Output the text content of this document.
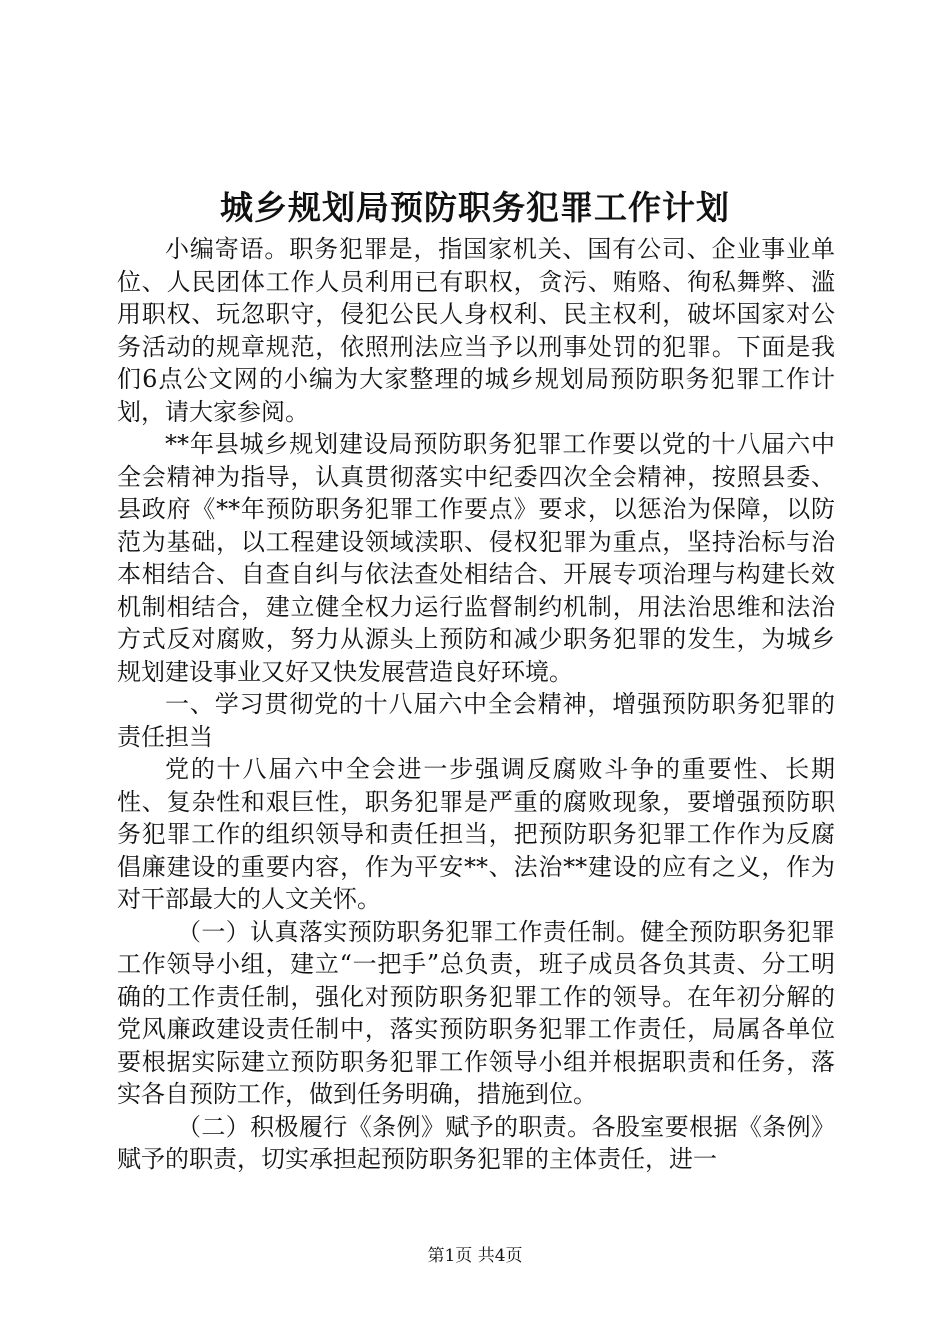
城乡规划局预防职务犯罪工作计划

小编寄语。职务犯罪是，指国家机关、国有公司、企业事业单位、人民团体工作人员利用已有职权，贪污、贿赂、徇私舞弊、滥用职权、玩忽职守，侵犯公民人身权利、民主权利，破坏国家对公务活动的规章规范，依照刑法应当予以刑事处罚的犯罪。下面是我们6点公文网的小编为大家整理的城乡规划局预防职务犯罪工作计划，请大家参阅。

**年县城乡规划建设局预防职务犯罪工作要以党的十八届六中全会精神为指导，认真贯彻落实中纪委四次全会精神，按照县委、县政府《**年预防职务犯罪工作要点》要求，以惩治为保障，以防范为基础，以工程建设领域渎职、侵权犯罪为重点，坚持治标与治本相结合、自查自纠与依法查处相结合、开展专项治理与构建长效机制相结合，建立健全权力运行监督制约机制，用法治思维和法治方式反对腐败，努力从源头上预防和减少职务犯罪的发生，为城乡规划建设事业又好又快发展营造良好环境。

一、学习贯彻党的十八届六中全会精神，增强预防职务犯罪的责任担当

党的十八届六中全会进一步强调反腐败斗争的重要性、长期性、复杂性和艰巨性，职务犯罪是严重的腐败现象，要增强预防职务犯罪工作的组织领导和责任担当，把预防职务犯罪工作作为反腐倡廉建设的重要内容，作为平安**、法治**建设的应有之义，作为对干部最大的人文关怀。

（一）认真落实预防职务犯罪工作责任制。健全预防职务犯罪工作领导小组，建立“一把手”总负责，班子成员各负其责、分工明确的工作责任制，强化对预防职务犯罪工作的领导。在年初分解的党风廉政建设责任制中，落实预防职务犯罪工作责任，局属各单位要根据实际建立预防职务犯罪工作领导小组并根据职责和任务，落实各自预防工作，做到任务明确，措施到位。

（二）积极履行《条例》赋予的职责。各股室要根据《条例》赋予的职责，切实承担起预防职务犯罪的主体责任，进一

第1页 共4页
